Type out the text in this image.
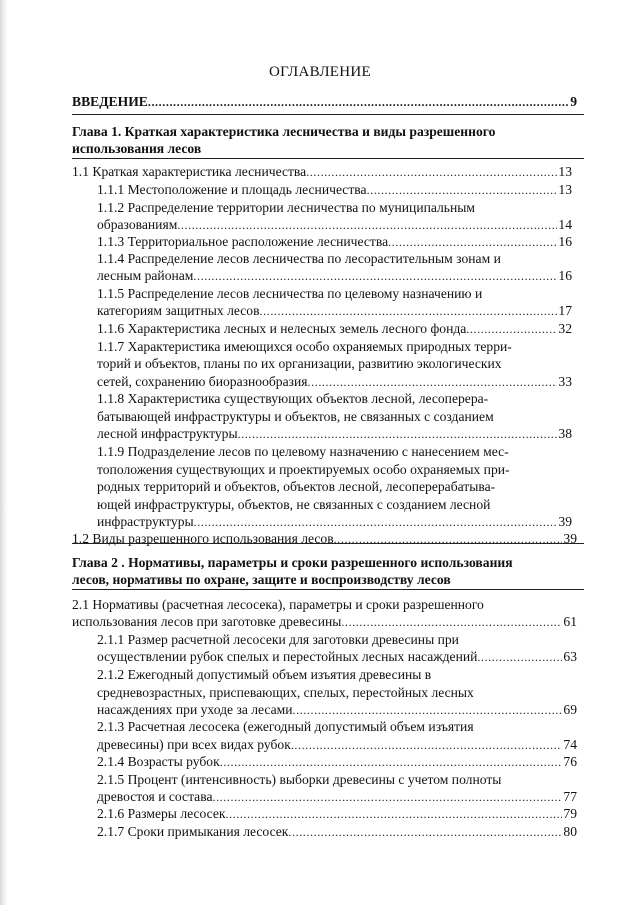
ОГЛАВЛЕНИЕ
ВВЕДЕНИЕ .....	9
Глава 1. Краткая характеристика лесничества и виды разрешенного
использования лесов
1.1 Краткая характеристика лесничества .....	13
1.1.1 Местоположение и площадь лесничества .....	13
1.1.2 Распределение территории лесничества по муниципальным
образованиям .....	14
1.1.3 Территориальное расположение лесничества .....	16
1.1.4 Распределение лесов лесничества по лесорастительным зонам и
лесным районам .....	16
1.1.5 Распределение лесов лесничества по целевому назначению и
категориям защитных лесов .....	17
1.1.6 Характеристика лесных и нелесных земель лесного фонда .....	32
1.1.7 Характеристика имеющихся особо охраняемых природных терри-
торий и объектов, планы по их организации, развитию экологических
сетей, сохранению биоразнообразия .....	33
1.1.8 Характеристика существующих объектов лесной, лесоперера-
батывающей инфраструктуры и объектов, не связанных с созданием
лесной инфраструктуры .....	38
1.1.9 Подразделение лесов по целевому назначению с нанесением мес-
тоположения существующих и проектируемых особо охраняемых при-
родных территорий и объектов, объектов лесной, лесоперерабатыва-
ющей инфраструктуры, объектов, не связанных с созданием лесной
инфраструктуры .....	39
1.2 Виды разрешенного использования лесов .....	39
Глава 2 . Нормативы, параметры и сроки разрешенного использования
лесов, нормативы по охране, защите и воспроизводству лесов
2.1 Нормативы (расчетная лесосека), параметры и сроки разрешенного
использования лесов при заготовке древесины .....	61
2.1.1 Размер расчетной лесосеки для заготовки древесины при
осуществлении рубок спелых и перестойных лесных насаждений .....	63
2.1.2 Ежегодный допустимый объем изъятия древесины в
средневозрастных, приспевающих, спелых, перестойных лесных
насаждениях при уходе за лесами .....	69
2.1.3 Расчетная лесосека (ежегодный допустимый объем изъятия
древесины) при всех видах рубок .....	74
2.1.4 Возрасты рубок .....	76
2.1.5 Процент (интенсивность) выборки древесины с учетом полноты
древостоя и состава .....	77
2.1.6 Размеры лесосек .....	79
2.1.7 Сроки примыкания лесосек .....	80
